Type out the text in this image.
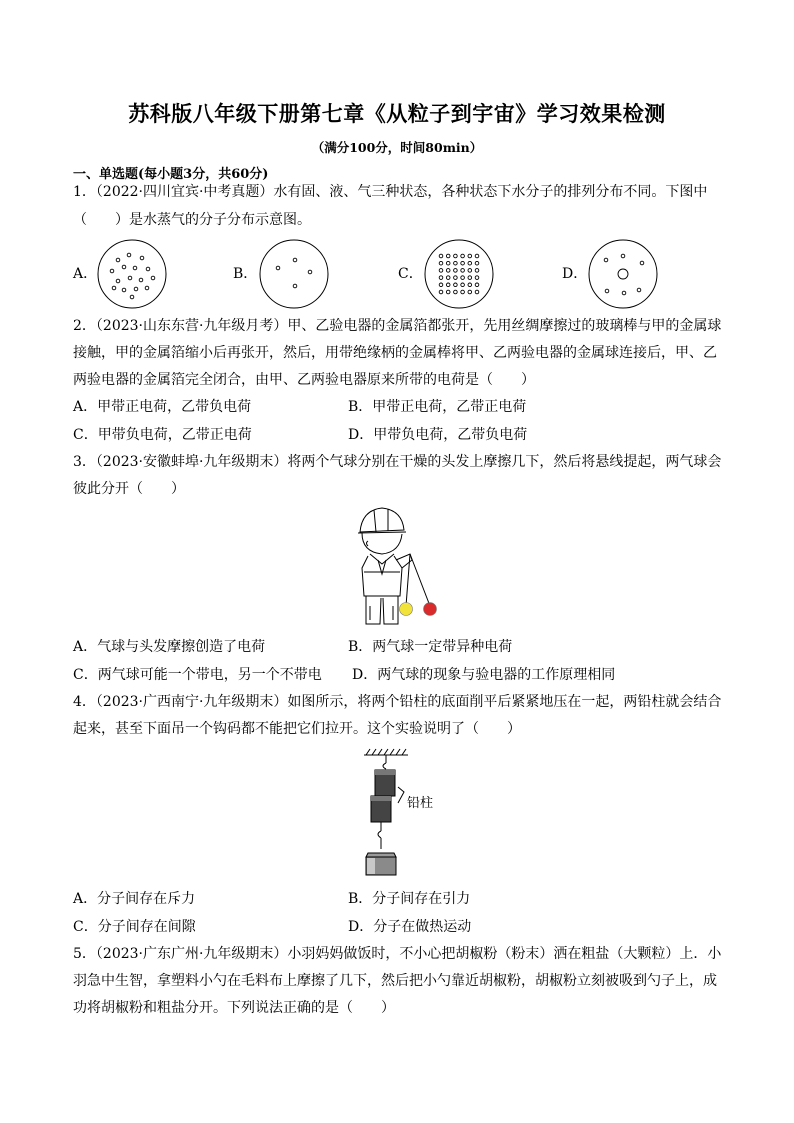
苏科版八年级下册第七章《从粒子到宇宙》学习效果检测
（满分100分，时间80min）
一、单选题(每小题3分，共60分)
1．（2022·四川宜宾·中考真题）水有固、液、气三种状态，各种状态下水分子的排列分布不同。下图中
（　　）是水蒸气的分子分布示意图。
A．	B．	C．	D．
2．（2023·山东东营·九年级月考）甲、乙验电器的金属箔都张开，先用丝绸摩擦过的玻璃棒与甲的金属球
接触，甲的金属箔缩小后再张开，然后，用带绝缘柄的金属棒将甲、乙两验电器的金属球连接后，甲、乙
两验电器的金属箔完全闭合，由甲、乙两验电器原来所带的电荷是（　　）
A．甲带正电荷，乙带负电荷	B．甲带正电荷，乙带正电荷
C．甲带负电荷，乙带正电荷	D．甲带负电荷，乙带负电荷
3．（2023·安徽蚌埠·九年级期末）将两个气球分别在干燥的头发上摩擦几下，然后将悬线提起，两气球会
彼此分开（　　）
A．气球与头发摩擦创造了电荷	B．两气球一定带异种电荷
C．两气球可能一个带电，另一个不带电 D．两气球的现象与验电器的工作原理相同
4．（2023·广西南宁·九年级期末）如图所示，将两个铅柱的底面削平后紧紧地压在一起，两铅柱就会结合
起来，甚至下面吊一个钩码都不能把它们拉开。这个实验说明了（　　）
铅柱
A．分子间存在斥力	B．分子间存在引力
C．分子间存在间隙	D．分子在做热运动
5．（2023·广东广州·九年级期末）小羽妈妈做饭时，不小心把胡椒粉（粉末）洒在粗盐（大颗粒）上．小
羽急中生智，拿塑料小勺在毛料布上摩擦了几下，然后把小勺靠近胡椒粉，胡椒粉立刻被吸到勺子上，成
功将胡椒粉和粗盐分开。下列说法正确的是（　　）
